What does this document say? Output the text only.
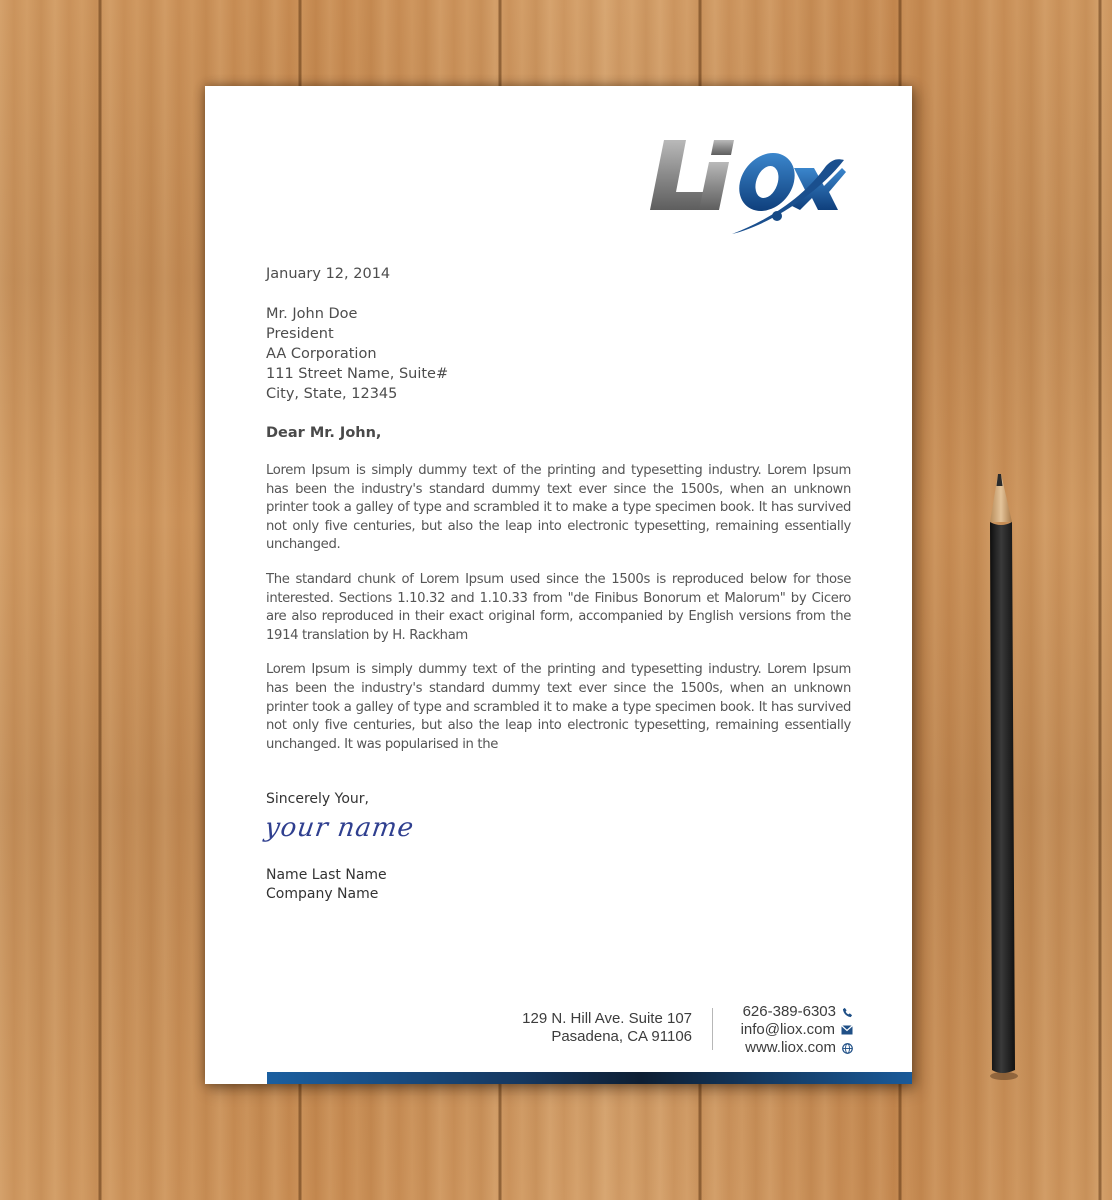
January 12, 2014

Mr. John Doe
President
AA Corporation
111 Street Name, Suite#
City, State, 12345
Dear Mr. John,

Lorem Ipsum is simply dummy text of the printing and typesetting industry. Lorem Ipsum has been the industry's standard dummy text ever since the 1500s, when an unknown printer took a galley of type and scrambled it to make a type specimen book. It has survived not only five centuries, but also the leap into electronic typesetting, remaining essentially unchanged.

The standard chunk of Lorem Ipsum used since the 1500s is reproduced below for those interested. Sections 1.10.32 and 1.10.33 from "de Finibus Bonorum et Malorum" by Cicero are also reproduced in their exact original form, accompanied by English versions from the 1914 translation by H. Rackham

Lorem Ipsum is simply dummy text of the printing and typesetting industry. Lorem Ipsum has been the industry's standard dummy text ever since the 1500s, when an unknown printer took a galley of type and scrambled it to make a type specimen book. It has survived not only five centuries, but also the leap into electronic typesetting, remaining essentially unchanged. It was popularised in the

Sincerely Your,
your name
Name Last Name
Company Name
129 N. Hill Ave. Suite 107
Pasadena, CA 91106
626-389-6303
info@liox.com
www.liox.com
